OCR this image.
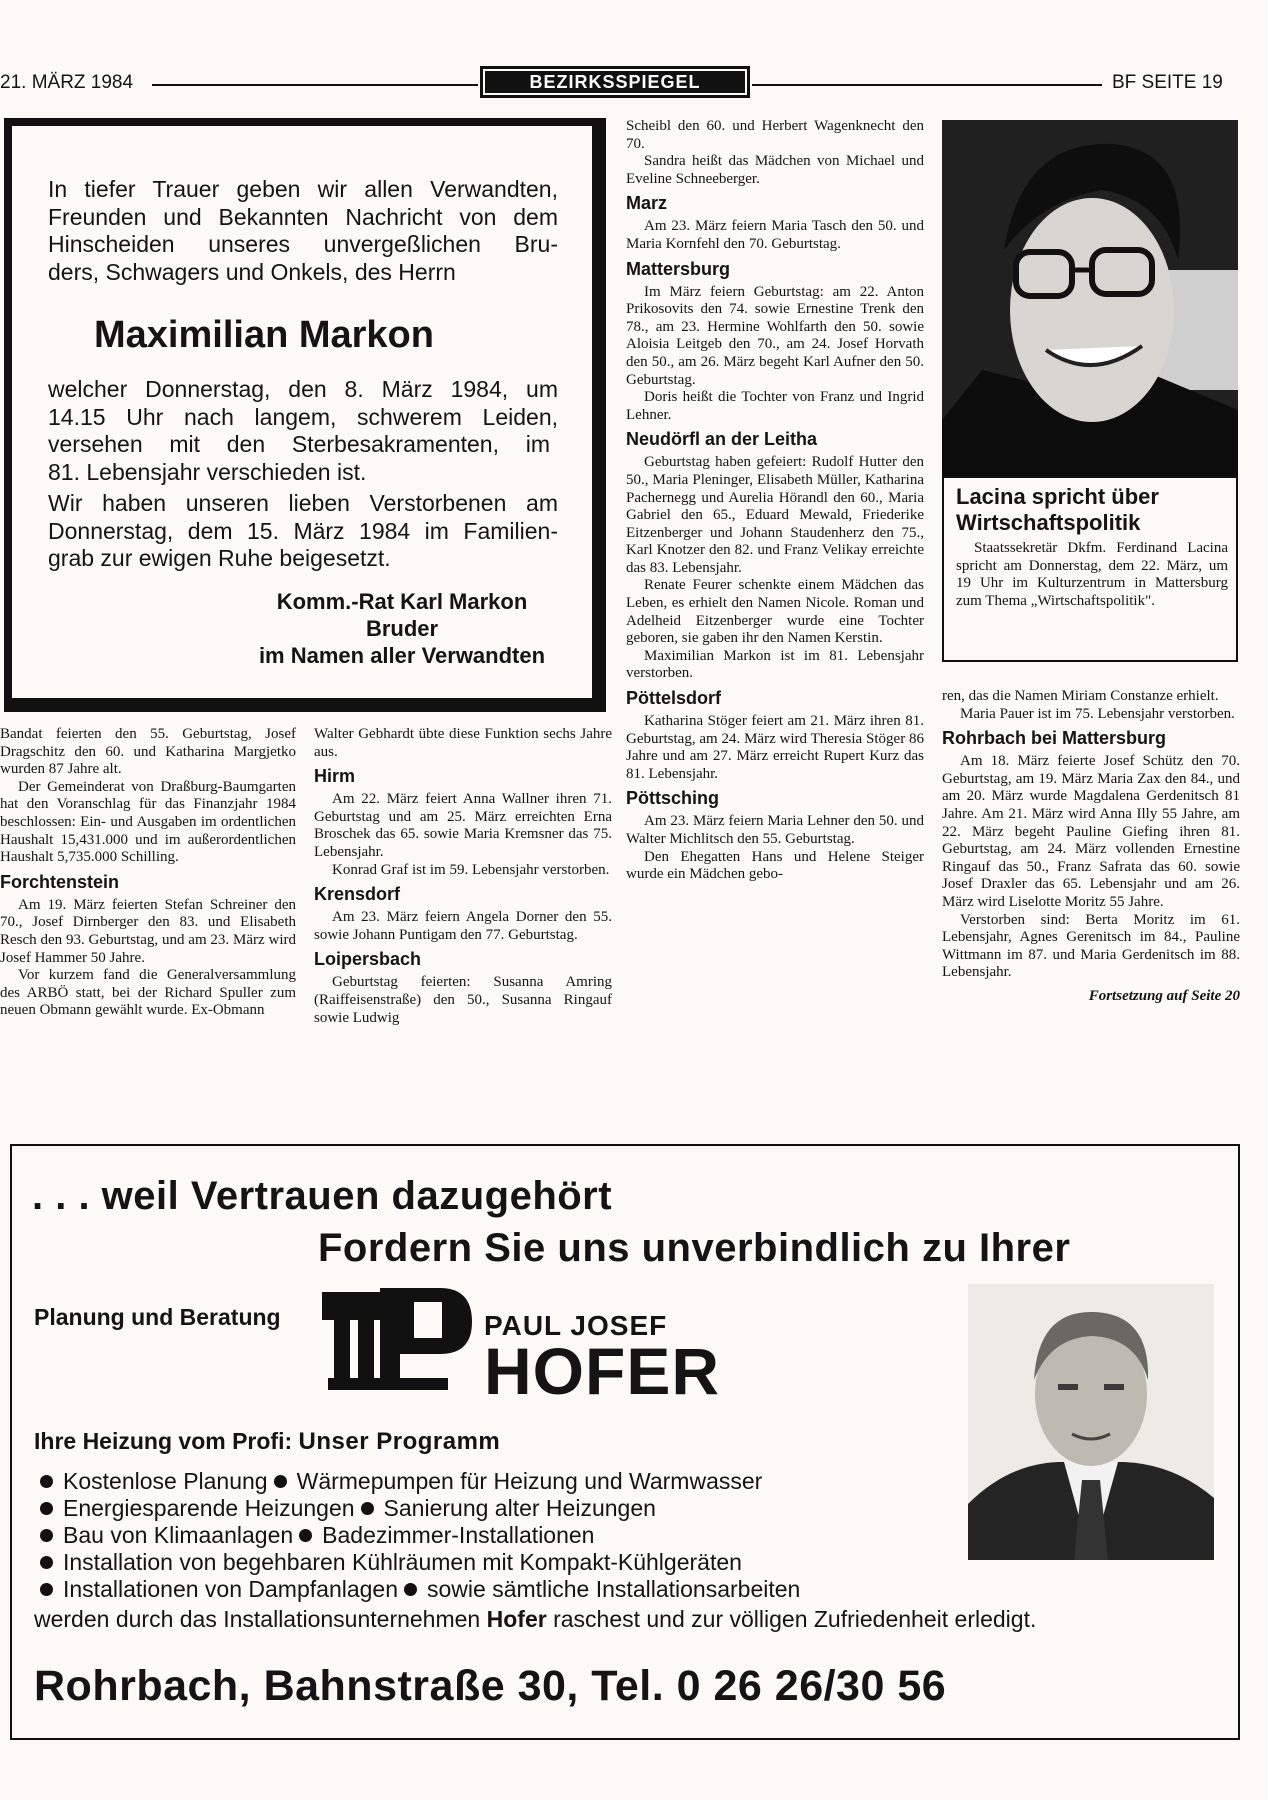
21. MÄRZ 1984	BEZIRKSSPIEGEL	BF SEITE 19
In tiefer Trauer geben wir allen Verwandten,
Freunden und Bekannten Nachricht von dem
Hinscheiden unseres unvergeßlichen Bru-
ders, Schwagers und Onkels, des Herrn
Maximilian Markon
welcher Donnerstag, den 8. März 1984, um
14.15 Uhr nach langem, schwerem Leiden,
versehen mit den Sterbesakramenten, im
81. Lebensjahr verschieden ist.
Wir haben unseren lieben Verstorbenen am
Donnerstag, dem 15. März 1984 im Familien-
grab zur ewigen Ruhe beigesetzt.
Komm.-Rat Karl Markon
Bruder
im Namen aller Verwandten

Bandat feierten den 55. Geburtstag, Josef Dragschitz den 60. und Katharina Margjetko wurden 87 Jahre alt.

Der Gemeinderat von Draßburg-Baumgarten hat den Voranschlag für das Finanzjahr 1984 beschlossen: Ein- und Ausgaben im ordentlichen Haushalt 15,431.000 und im außerordentlichen Haushalt 5,735.000 Schilling.

Forchtenstein

Am 19. März feierten Stefan Schreiner den 70., Josef Dirnberger den 83. und Elisabeth Resch den 93. Geburtstag, und am 23. März wird Josef Hammer 50 Jahre.

Vor kurzem fand die Generalversammlung des ARBÖ statt, bei der Richard Spuller zum neuen Obmann gewählt wurde. Ex-Obmann

Walter Gebhardt übte diese Funktion sechs Jahre aus.

Hirm

Am 22. März feiert Anna Wallner ihren 71. Geburtstag und am 25. März erreichten Erna Broschek das 65. sowie Maria Kremsner das 75. Lebensjahr.

Konrad Graf ist im 59. Lebensjahr verstorben.

Krensdorf

Am 23. März feiern Angela Dorner den 55. sowie Johann Puntigam den 77. Geburtstag.

Loipersbach

Geburtstag feierten: Susanna Amring (Raiffeisenstraße) den 50., Susanna Ringauf sowie Ludwig

Scheibl den 60. und Herbert Wagenknecht den 70.

Sandra heißt das Mädchen von Michael und Eveline Schneeberger.

Marz

Am 23. März feiern Maria Tasch den 50. und Maria Kornfehl den 70. Geburtstag.

Mattersburg

Im März feiern Geburtstag: am 22. Anton Prikosovits den 74. sowie Ernestine Trenk den 78., am 23. Hermine Wohlfarth den 50. sowie Aloisia Leitgeb den 70., am 24. Josef Horvath den 50., am 26. März begeht Karl Aufner den 50. Geburtstag.

Doris heißt die Tochter von Franz und Ingrid Lehner.

Neudörfl an der Leitha

Geburtstag haben gefeiert: Rudolf Hutter den 50., Maria Pleninger, Elisabeth Müller, Katharina Pachernegg und Aurelia Hörandl den 60., Maria Gabriel den 65., Eduard Mewald, Friederike Eitzenberger und Johann Staudenherz den 75., Karl Knotzer den 82. und Franz Velikay erreichte das 83. Lebensjahr.

Renate Feurer schenkte einem Mädchen das Leben, es erhielt den Namen Nicole. Roman und Adelheid Eitzenberger wurde eine Tochter geboren, sie gaben ihr den Namen Kerstin.

Maximilian Markon ist im 81. Lebensjahr verstorben.

Pöttelsdorf

Katharina Stöger feiert am 21. März ihren 81. Geburtstag, am 24. März wird Theresia Stöger 86 Jahre und am 27. März erreicht Rupert Kurz das 81. Lebensjahr.

Pöttsching

Am 23. März feiern Maria Lehner den 50. und Walter Michlitsch den 55. Geburtstag.

Den Ehegatten Hans und Helene Steiger wurde ein Mädchen gebo-

Lacina spricht über Wirtschaftspolitik
Staatssekretär Dkfm. Ferdinand Lacina spricht am Donnerstag, dem 22. März, um 19 Uhr im Kulturzentrum in Mattersburg zum Thema „Wirtschaftspolitik".

ren, das die Namen Miriam Constanze erhielt.

Maria Pauer ist im 75. Lebensjahr verstorben.

Rohrbach bei Mattersburg

Am 18. März feierte Josef Schütz den 70. Geburtstag, am 19. März Maria Zax den 84., und am 20. März wurde Magdalena Gerdenitsch 81 Jahre. Am 21. März wird Anna Illy 55 Jahre, am 22. März begeht Pauline Giefing ihren 81. Geburtstag, am 24. März vollenden Ernestine Ringauf das 50., Franz Safrata das 60. sowie Josef Draxler das 65. Lebensjahr und am 26. März wird Liselotte Moritz 55 Jahre.

Verstorben sind: Berta Moritz im 61. Lebensjahr, Agnes Gerenitsch im 84., Pauline Wittmann im 87. und Maria Gerdenitsch im 88. Lebensjahr.

Fortsetzung auf Seite 20
. . . weil Vertrauen dazugehört
Fordern Sie uns unverbindlich zu Ihrer
Planung und Beratung	PAUL JOSEF
HOFER
Ihre Heizung vom Profi: Unser Programm
Kostenlose Planung Wärmepumpen für Heizung und Warmwasser
Energiesparende Heizungen Sanierung alter Heizungen
Bau von Klimaanlagen Badezimmer-Installationen
Installation von begehbaren Kühlräumen mit Kompakt-Kühlgeräten
Installationen von Dampfanlagen sowie sämtliche Installationsarbeiten
werden durch das Installationsunternehmen Hofer raschest und zur völligen Zufriedenheit erledigt.
Rohrbach, Bahnstraße 30, Tel. 0 26 26/30 56
